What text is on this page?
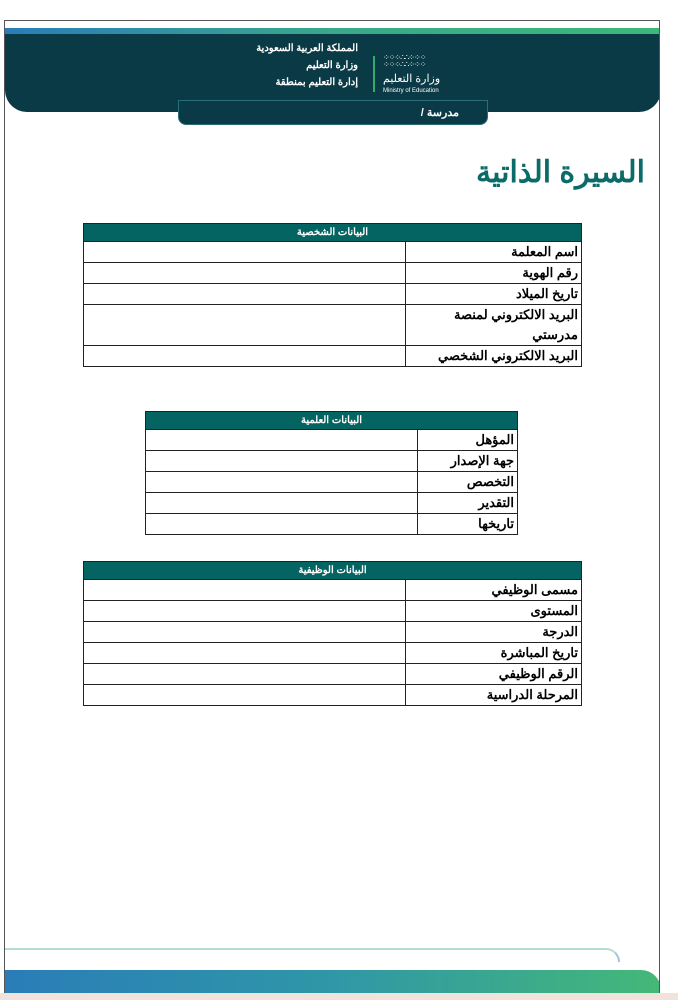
المملكة العربية السعودية
وزارة التعليم
إدارة التعليم بمنطقة
⁘⁘⁘∴∴⁘⁘⁘
⁘⁘⁘∴∴⁘⁘⁘
وزارة التعليم
Ministry of Education
مدرسة /
السيرة الذاتية
البيانات الشخصية	
اسم المعلمة	
رقم الهوية	
تاريخ الميلاد	
البريد الالكتروني لمنصة مدرستي	
البريد الالكتروني الشخصي	
البيانات العلمية	
المؤهل	
جهة الإصدار	
التخصص	
التقدير	
تاريخها	
البيانات الوظيفية	
مسمى الوظيفي	
المستوى	
الدرجة	
تاريخ المباشرة	
الرقم الوظيفي	
المرحلة الدراسية	
